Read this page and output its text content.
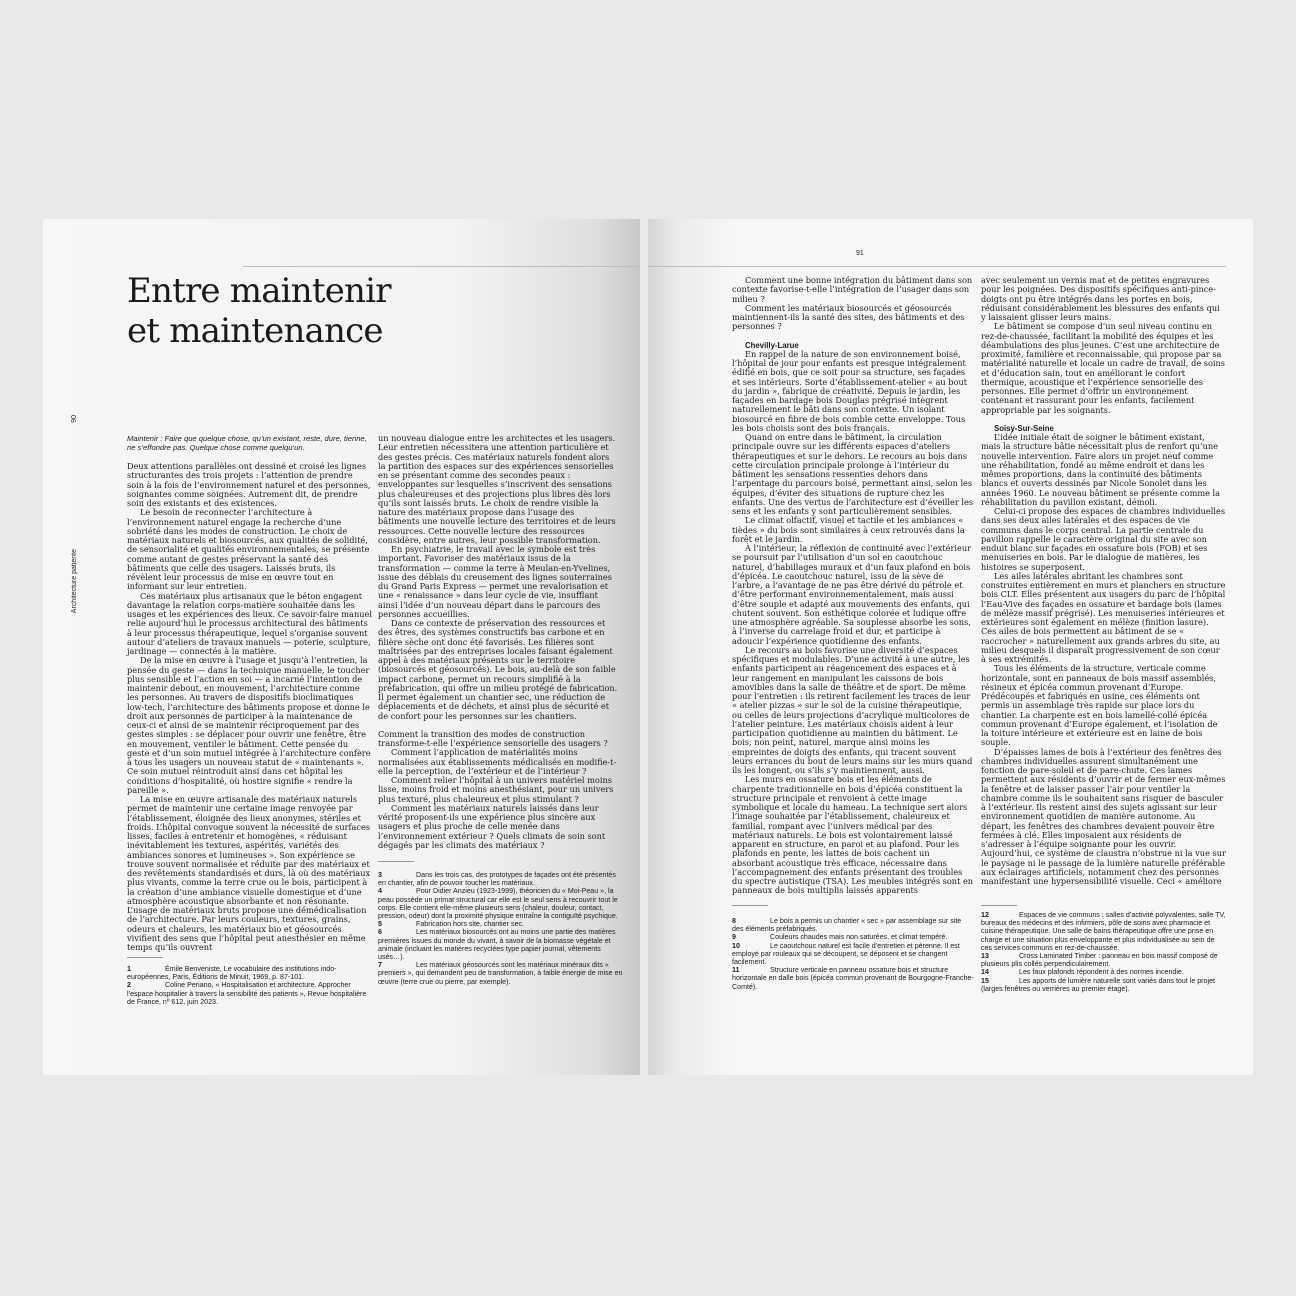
Entre maintenir
et maintenance
90
Architecture patiente
Maintenir : Faire que quelque chose, qu’un existant, reste, dure, tienne, ne s’effondre pas. Quelque chose comme quelqu’un.

Deux attentions parallèles ont dessiné et croisé les lignes structurantes des trois projets : l’attention de prendre soin à la fois de l’environnement naturel et des personnes, soignantes comme soignées. Autrement dit, de prendre soin des existants et des existences.

Le besoin de reconnecter l’architecture à l’environnement naturel engage la recherche d’une sobriété dans les modes de construction. Le choix de matériaux naturels et biosourcés, aux qualités de solidité, de sensorialité et qualités environnementales, se présente comme autant de gestes préservant la santé des bâtiments que celle des usagers. Laissés bruts, ils révèlent leur processus de mise en œuvre tout en informant sur leur entretien.

Ces matériaux plus artisanaux que le béton engagent davantage la relation corps-matière souhaitée dans les usages et les expériences des lieux. Ce savoir-faire manuel relie aujourd’hui le processus architectural des bâtiments à leur processus thérapeutique, lequel s’organise souvent autour d’ateliers de travaux manuels — poterie, sculpture, jardinage — connectés à la matière.

De la mise en œuvre à l’usage et jusqu’à l’entretien, la pensée du geste — dans la technique manuelle, le toucher plus sensible et l’action en soi — a incarné l’intention de maintenir debout, en mouvement, l’architecture comme les personnes. Au travers de dispositifs bioclimatiques low-tech, l’architecture des bâtiments propose et donne le droit aux personnes de participer à la maintenance de ceux-ci et ainsi de se maintenir réciproquement par des gestes simples : se déplacer pour ouvrir une fenêtre, être en mouvement, ventiler le bâtiment. Cette pensée du geste et d’un soin mutuel intégrée à l’architecture confère à tous les usagers un nouveau statut de « maintenants ». Ce soin mutuel réintroduit ainsi dans cet hôpital les conditions d’hospitalité, où hostire signifie « rendre la pareille ».

La mise en œuvre artisanale des matériaux naturels permet de maintenir une certaine image renvoyée par l’établissement, éloignée des lieux anonymes, stériles et froids. L’hôpital convoque souvent la nécessité de surfaces lisses, faciles à entretenir et homogènes, « réduisant inévitablement les textures, aspérités, variétés des ambiances sonores et lumineuses ». Son expérience se trouve souvent normalisée et réduite par des matériaux et des revêtements standardisés et durs, là où des matériaux plus vivants, comme la terre crue ou le bois, participent à la création d’une ambiance visuelle domestique et d’une atmosphère acoustique absorbante et non résonante. L’usage de matériaux bruts propose une démédicalisation de l’architecture. Par leurs couleurs, textures, grains, odeurs et chaleurs, les matériaux bio et géosourcés vivifient des sens que l’hôpital peut anesthésier en même temps qu’ils ouvrent

un nouveau dialogue entre les architectes et les usagers. Leur entretien nécessitera une attention particulière et des gestes précis. Ces matériaux naturels fondent alors la partition des espaces sur des expériences sensorielles en se présentant comme des secondes peaux : enveloppantes sur lesquelles s’inscrivent des sensations plus chaleureuses et des projections plus libres dès lors qu’ils sont laissés bruts. Le choix de rendre visible la nature des matériaux propose dans l’usage des bâtiments une nouvelle lecture des territoires et de leurs ressources. Cette nouvelle lecture des ressources considère, entre autres, leur possible transformation.

En psychiatrie, le travail avec le symbole est très important. Favoriser des matériaux issus de la transformation — comme la terre à Meulan-en-Yvelines, issue des déblais du creusement des lignes souterraines du Grand Paris Express — permet une revalorisation et une « renaissance » dans leur cycle de vie, insufflant ainsi l’idée d’un nouveau départ dans le parcours des personnes accueillies.

Dans ce contexte de préservation des ressources et des êtres, des systèmes constructifs bas carbone et en filière sèche ont donc été favorisés. Les filières sont maîtrisées par des entreprises locales faisant également appel à des matériaux présents sur le territoire (biosourcés et géosourcés). Le bois, au-delà de son faible impact carbone, permet un recours simplifié à la préfabrication, qui offre un milieu protégé de fabrication. Il permet également un chantier sec, une réduction de déplacements et de déchets, et ainsi plus de sécurité et de confort pour les personnes sur les chantiers.

Comment la transition des modes de construction transforme-t-elle l’expérience sensorielle des usagers ?

Comment l’application de matérialités moins normalisées aux établissements médicalisés en modifie-t-elle la perception, de l’extérieur et de l’intérieur ?

Comment relier l’hôpital à un univers matériel moins lisse, moins froid et moins anesthésiant, pour un univers plus texturé, plus chaleureux et plus stimulant ?

Comment les matériaux naturels laissés dans leur vérité proposent-ils une expérience plus sincère aux usagers et plus proche de celle menée dans l’environnement extérieur ? Quels climats de soin sont dégagés par les climats des matériaux ?

1	Émile Benveniste, Le vocabulaire des institutions indo-européennes, Paris, Éditions de Minuit, 1969, p. 87-101.
2	Coline Periano, « Hospitalisation et architecture. Approcher l’espace hospitalier à travers la sensibilité des patients », Revue hospitalière de France, nº 612, juin 2023.
3	Dans les trois cas, des prototypes de façades ont été présentés en chantier, afin de pouvoir toucher les matériaux.
4	Pour Didier Anzieu (1923-1999), théoricien du « Moi-Peau », la peau possède un primat structural car elle est le seul sens à recouvrir tout le corps. Elle contient elle-même plusieurs sens (chaleur, douleur, contact, pression, odeur) dont la proximité physique entraîne la contiguïté psychique.
5	Fabrication hors site, chantier sec.
6	Les matériaux biosourcés ont au moins une partie des matières premières issues du monde du vivant, à savoir de la biomasse végétale et animale (incluant les matières recyclées type papier journal, vêtements usés…).
7	Les matériaux géosourcés sont les matériaux minéraux dits « premiers », qui demandent peu de transformation, à faible énergie de mise en œuvre (terre crue ou pierre, par exemple).
91

Comment une bonne intégration du bâtiment dans son contexte favorise-t-elle l’intégration de l’usager dans son milieu ?

Comment les matériaux biosourcés et géosourcés maintiennent-ils la santé des sites, des bâtiments et des personnes ?

Chevilly-Larue

En rappel de la nature de son environnement boisé, l’hôpital de jour pour enfants est presque intégralement édifié en bois, que ce soit pour sa structure, ses façades et ses intérieurs. Sorte d’établissement-atelier « au bout du jardin », fabrique de créativité. Depuis le jardin, les façades en bardage bois Douglas prégrisé intègrent naturellement le bâti dans son contexte. Un isolant biosourcé en fibre de bois comble cette enveloppe. Tous les bois choisis sont des bois français.

Quand on entre dans le bâtiment, la circulation principale ouvre sur les différents espaces d’ateliers thérapeutiques et sur le dehors. Le recours au bois dans cette circulation principale prolonge à l’intérieur du bâtiment les sensations ressenties dehors dans l’arpentage du parcours boisé, permettant ainsi, selon les équipes, d’éviter des situations de rupture chez les enfants. Une des vertus de l’architecture est d’éveiller les sens et les enfants y sont particulièrement sensibles.

Le climat olfactif, visuel et tactile et les ambiances « tièdes » du bois sont similaires à ceux retrouvés dans la forêt et le jardin.

À l’intérieur, la réflexion de continuité avec l’extérieur se poursuit par l’utilisation d’un sol en caoutchouc naturel, d’habillages muraux et d’un faux plafond en bois d’épicéa. Le caoutchouc naturel, issu de la sève de l’arbre, a l’avantage de ne pas être dérivé du pétrole et d’être performant environnementalement, mais aussi d’être souple et adapté aux mouvements des enfants, qui chutent souvent. Son esthétique colorée et ludique offre une atmosphère agréable. Sa souplesse absorbe les sons, à l’inverse du carrelage froid et dur, et participe à adoucir l’expérience quotidienne des enfants.

Le recours au bois favorise une diversité d’espaces spécifiques et modulables. D’une activité à une autre, les enfants participent au réagencement des espaces et à leur rangement en manipulant les caissons de bois amovibles dans la salle de théâtre et de sport. De même pour l’entretien : ils retirent facilement les traces de leur « atelier pizzas » sur le sol de la cuisine thérapeutique, ou celles de leurs projections d’acrylique multicolores de l’atelier peinture. Les matériaux choisis aident à leur participation quotidienne au maintien du bâtiment. Le bois, non peint, naturel, marque ainsi moins les empreintes de doigts des enfants, qui tracent souvent leurs errances du bout de leurs mains sur les murs quand ils les longent, ou s’ils s’y maintiennent, aussi.

Les murs en ossature bois et les éléments de charpente traditionnelle en bois d’épicéa constituent la structure principale et renvoient à cette image symbolique et locale du hameau. La technique sert alors l’image souhaitée par l’établissement, chaleureux et familial, rompant avec l’univers médical par des matériaux naturels. Le bois est volontairement laissé apparent en structure, en paroi et au plafond. Pour les plafonds en pente, les lattes de bois cachent un absorbant acoustique très efficace, nécessaire dans l’accompagnement des enfants présentant des troubles du spectre autistique (TSA). Les meubles intégrés sont en panneaux de bois multiplis laissés apparents

avec seulement un vernis mat et de petites engravures pour les poignées. Des dispositifs spécifiques anti-pince-doigts ont pu être intégrés dans les portes en bois, réduisant considérablement les blessures des enfants qui y laissaient glisser leurs mains.

Le bâtiment se compose d’un seul niveau continu en rez-de-chaussée, facilitant la mobilité des équipes et les déambulations des plus jeunes. C’est une architecture de proximité, familière et reconnaissable, qui propose par sa matérialité naturelle et locale un cadre de travail, de soins et d’éducation sain, tout en améliorant le confort thermique, acoustique et l’expérience sensorielle des personnes. Elle permet d’offrir un environnement contenant et rassurant pour les enfants, facilement appropriable par les soignants.

Soisy-Sur-Seine

L’idée initiale était de soigner le bâtiment existant, mais la structure bâtie nécessitait plus de renfort qu’une nouvelle intervention. Faire alors un projet neuf comme une réhabilitation, fondé au même endroit et dans les mêmes proportions, dans la continuité des bâtiments blancs et ouverts dessinés par Nicole Sonolet dans les années 1960. Le nouveau bâtiment se présente comme la réhabilitation du pavillon existant, démoli.

Celui-ci propose des espaces de chambres individuelles dans ses deux ailes latérales et des espaces de vie communs dans le corps central. La partie centrale du pavillon rappelle le caractère original du site avec son enduit blanc sur façades en ossature bois (FOB) et ses menuiseries en bois. Par le dialogue de matières, les histoires se superposent.

Les ailes latérales abritant les chambres sont construites entièrement en murs et planchers en structure bois CLT. Elles présentent aux usagers du parc de l’hôpital l’Eau-Vive des façades en ossature et bardage bois (lames de mélèze massif prégrisé). Les menuiseries intérieures et extérieures sont également en mélèze (finition lasure). Ces ailes de bois permettent au bâtiment de se « raccrocher » naturellement aux grands arbres du site, au milieu desquels il disparaît progressivement de son cœur à ses extrémités.

Tous les éléments de la structure, verticale comme horizontale, sont en panneaux de bois massif assemblés, résineux et épicéa commun provenant d’Europe. Prédécoupés et fabriqués en usine, ces éléments ont permis un assemblage très rapide sur place lors du chantier. La charpente est en bois lamellé-collé épicéa commun provenant d’Europe également, et l’isolation de la toiture intérieure et extérieure est en laine de bois souple.

D’épaisses lames de bois à l’extérieur des fenêtres des chambres individuelles assurent simultanément une fonction de pare-soleil et de pare-chute. Ces lames permettent aux résidents d’ouvrir et de fermer eux-mêmes la fenêtre et de laisser passer l’air pour ventiler la chambre comme ils le souhaitent sans risquer de basculer à l’extérieur. Ils restent ainsi des sujets agissant sur leur environnement quotidien de manière autonome. Au départ, les fenêtres des chambres devaient pouvoir être fermées à clé. Elles imposaient aux résidents de s’adresser à l’équipe soignante pour les ouvrir. Aujourd’hui, ce système de claustra n’obstrue ni la vue sur le paysage ni le passage de la lumière naturelle préférable aux éclairages artificiels, notamment chez des personnes manifestant une hypersensibilité visuelle. Ceci « améliore

8	Le bois a permis un chantier « sec » par assemblage sur site des éléments préfabriqués.
9	Couleurs chaudes mais non saturées, et climat tempéré.
10	Le caoutchouc naturel est facile d’entretien et pérenne. Il est employé par rouleaux qui se découpent, se déposent et se changent facilement.
11	Structure verticale en panneau ossature bois et structure horizontale en dalle bois (épicéa commun provenant de Bourgogne-Franche-Comté).
12	Espaces de vie communs : salles d’activité polyvalentes, salle TV, bureaux des médecins et des infirmiers, pôle de soins avec pharmacie et cuisine thérapeutique. Une salle de bains thérapeutique offre une prise en charge et une situation plus enveloppante et plus individualisée au sein de ces services communs en rez-de-chaussée.
13	Cross Laminated Timber : panneau en bois massif composé de plusieurs plis collés perpendiculairement.
14	Les faux plafonds répondent à des normes incendie.
15	Les apports de lumière naturelle sont variés dans tout le projet (larges fenêtres ou verrières au premier étage).
